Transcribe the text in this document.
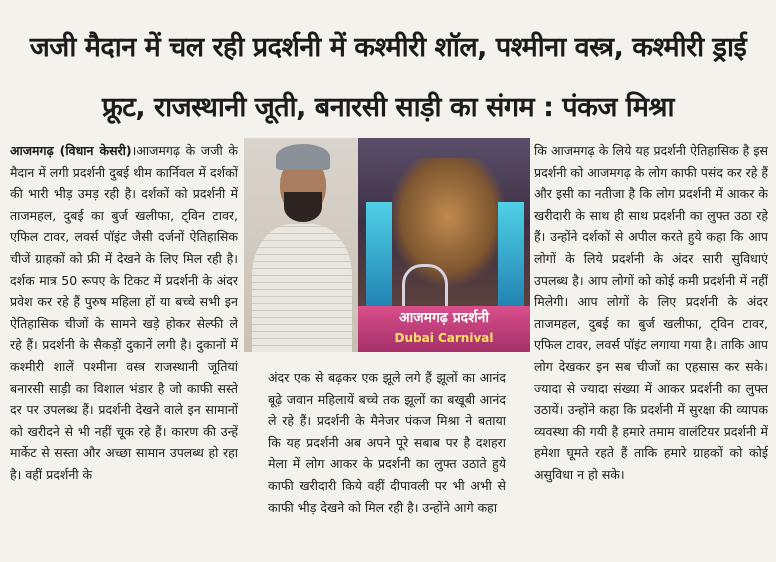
जजी मैदान में चल रही प्रदर्शनी में कश्मीरी शॉल, पश्मीना वस्त्र, कश्मीरी ड्राई
फ्रूट, राजस्थानी जूती, बनारसी साड़ी का संगम : पंकज मिश्रा
आजमगढ़ (विधान केसरी)।आजमगढ़ के जजी के मैदान में लगी प्रदर्शनी दुबई थीम कार्निवल में दर्शकों की भारी भीड़ उमड़ रही है। दर्शकों को प्रदर्शनी में ताजमहल, दुबई का बुर्ज खलीफा, ट्विन टावर, एफिल टावर, लवर्स पॉइंट जैसी दर्जनों ऐतिहासिक चीजें ग्राहकों को फ्री में देखने के लिए मिल रही है। दर्शक मात्र 50 रूपए के टिकट में प्रदर्शनी के अंदर प्रवेश कर रहे हैं पुरुष महिला हों या बच्चे सभी इन ऐतिहासिक चीजों के सामने खड़े होकर सेल्फी ले रहे हैं। प्रदर्शनी के सैकड़ों दुकानें लगी है। दुकानों में कश्मीरी शालें पश्मीना वस्त्र राजस्थानी जूतियां बनारसी साड़ी का विशाल भंडार है जो काफी सस्ते दर पर उपलब्ध हैं। प्रदर्शनी देखने वाले इन सामानों को खरीदने से भी नहीं चूक रहे हैं। कारण की उन्हें मार्केट से सस्ता और अच्छा सामान उपलब्ध हो रहा है। वहीं प्रदर्शनी के
आजमगढ़ प्रदर्शनी
Dubai Carnival
अंदर एक से बढ़कर एक झूले लगे हैं झूलों का आनंद बूढ़े जवान महिलायें बच्चे तक झूलों का बखूबी आनंद ले रहे हैं। प्रदर्शनी के मैनेजर पंकज मिश्रा ने बताया कि यह प्रदर्शनी अब अपने पूरे सबाब पर है दशहरा मेला में लोग आकर के प्रदर्शनी का लुफ्त उठाते हुये काफी खरीदारी किये वहीं दीपावली पर भी अभी से काफी भीड़ देखने को मिल रही है। उन्होंने आगे कहा
कि आजमगढ़ के लिये यह प्रदर्शनी ऐतिहासिक है इस प्रदर्शनी को आजमगढ़ के लोग काफी पसंद कर रहे हैं और इसी का नतीजा है कि लोग प्रदर्शनी में आकर के खरीदारी के साथ ही साथ प्रदर्शनी का लुफ्त उठा रहे हैं। उन्होंने दर्शकों से अपील करते हुये कहा कि आप लोगों के लिये प्रदर्शनी के अंदर सारी सुविधाएं उपलब्ध है। आप लोगों को कोई कमी प्रदर्शनी में नहीं मिलेगी। आप लोगों के लिए प्रदर्शनी के अंदर ताजमहल, दुबई का बुर्ज खलीफा, ट्विन टावर, एफिल टावर, लवर्स पॉइंट लगाया गया है। ताकि आप लोग देखकर इन सब चीजों का एहसास कर सके। ज्यादा से ज्यादा संख्या में आकर प्रदर्शनी का लुफ्त उठायें। उन्होंने कहा कि प्रदर्शनी में सुरक्षा की व्यापक व्यवस्था की गयी है हमारे तमाम वालंटियर प्रदर्शनी में हमेशा घूमते रहते हैं ताकि हमारे ग्राहकों को कोई असुविधा न हो सके।
